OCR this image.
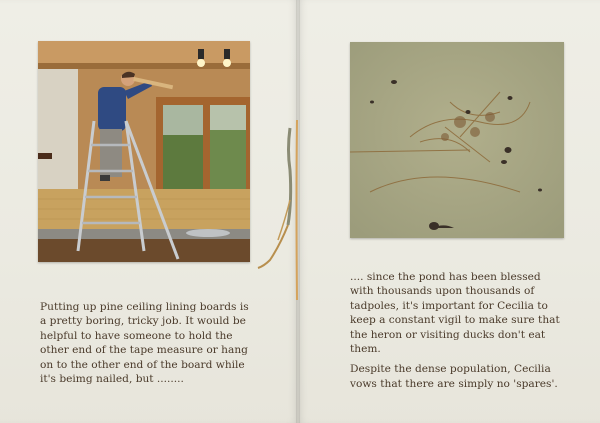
Putting up pine ceiling lining boards is a pretty boring, tricky job. It would be helpful to have someone to hold the other end of the tape measure or hang on to the other end of the board while it's beimg nailed, but ........

.... since the pond has been blessed with thousands upon thousands of tadpoles, it's important for Cecilia to keep a constant vigil to make sure that the heron or visiting ducks don't eat them.

Despite the dense population, Cecilia vows that there are simply no 'spares'.
